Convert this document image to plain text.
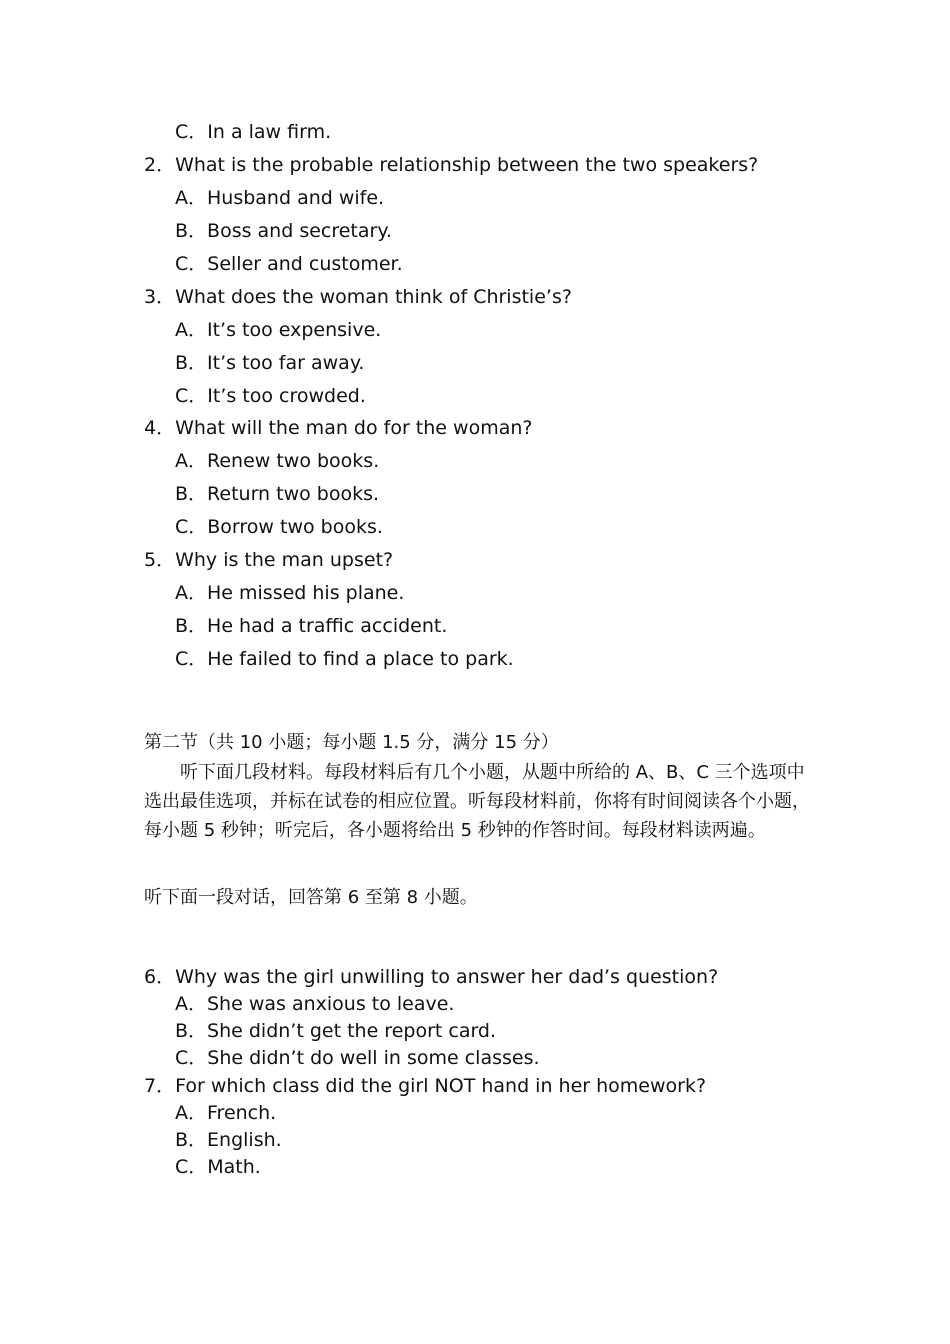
C．In a law firm.
2．What is the probable relationship between the two speakers?
A．Husband and wife.
B．Boss and secretary.
C．Seller and customer.
3．What does the woman think of Christie’s?
A．It’s too expensive.
B．It’s too far away.
C．It’s too crowded.
4．What will the man do for the woman?
A．Renew two books.
B．Return two books.
C．Borrow two books.
5．Why is the man upset?
A．He missed his plane.
B．He had a traffic accident.
C．He failed to find a place to park.
第二节（共 10 小题；每小题 1.5 分，满分 15 分）
听下面几段材料。每段材料后有几个小题，从题中所给的 A、B、C 三个选项中选出最佳选项，并标在试卷的相应位置。听每段材料前，你将有时间阅读各个小题，每小题 5 秒钟；听完后，各小题将给出 5 秒钟的作答时间。每段材料读两遍。
听下面一段对话，回答第 6 至第 8 小题。
6．Why was the girl unwilling to answer her dad’s question?
A．She was anxious to leave.
B．She didn’t get the report card.
C．She didn’t do well in some classes.
7．For which class did the girl NOT hand in her homework?
A．French.
B．English.
C．Math.
